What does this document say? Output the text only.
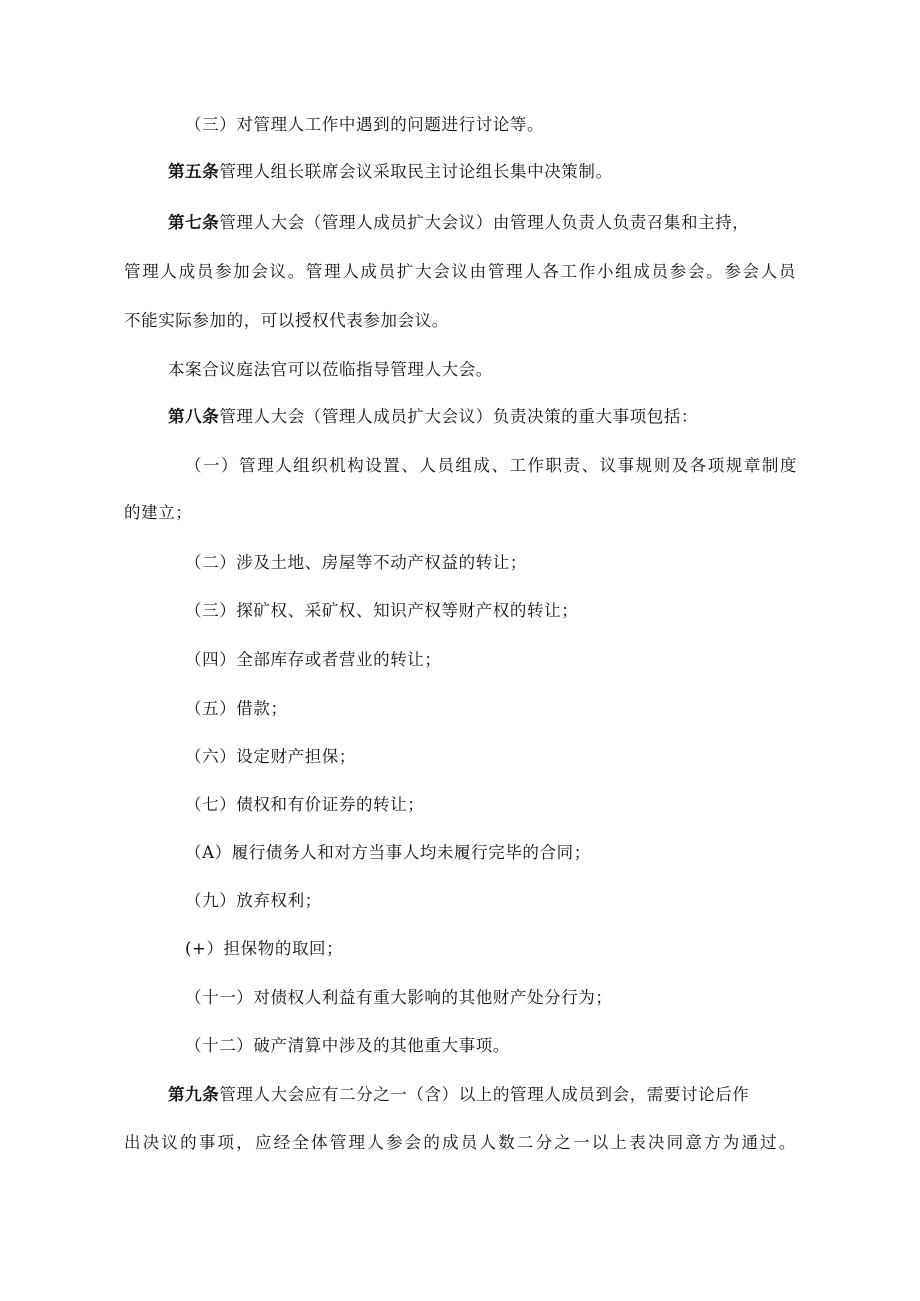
（三）对管理人工作中遇到的问题进行讨论等。
第五条管理人组长联席会议采取民主讨论组长集中决策制。
第七条管理人大会（管理人成员扩大会议）由管理人负责人负责召集和主持，
管理人成员参加会议。管理人成员扩大会议由管理人各工作小组成员参会。参会人员
不能实际参加的，可以授权代表参加会议。
本案合议庭法官可以莅临指导管理人大会。
第八条管理人大会（管理人成员扩大会议）负责决策的重大事项包括：
（一）管理人组织机构设置、人员组成、工作职责、议事规则及各项规章制度
的建立；
（二）涉及土地、房屋等不动产权益的转让；
（三）探矿权、采矿权、知识产权等财产权的转让；
（四）全部库存或者营业的转让；
（五）借款；
（六）设定财产担保；
（七）债权和有价证券的转让；
（A）履行债务人和对方当事人均未履行完毕的合同；
（九）放弃权利；
(+）担保物的取回；
（十一）对债权人利益有重大影响的其他财产处分行为；
（十二）破产清算中涉及的其他重大事项。
第九条管理人大会应有二分之一（含）以上的管理人成员到会，需要讨论后作
出决议的事项，应经全体管理人参会的成员人数二分之一以上表决同意方为通过。
